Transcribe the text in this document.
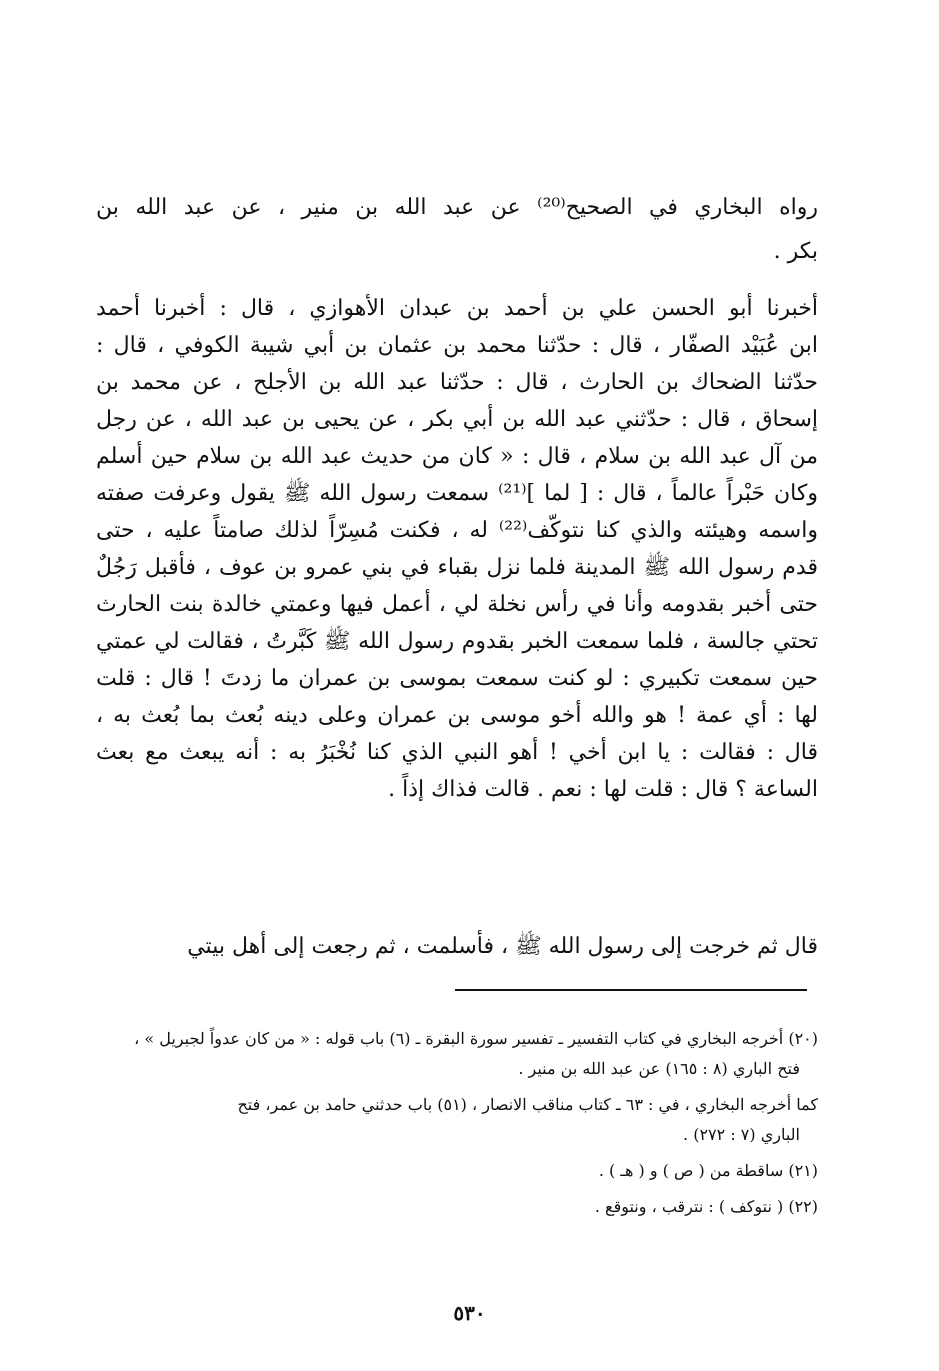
رواه البخاري في الصحيح⁽²⁰⁾ عن عبد الله بن منير ، عن عبد الله بن
بكر .
أخبرنا أبو الحسن علي بن أحمد بن عبدان الأهوازي ، قال : أخبرنا أحمد
ابن عُبَيْد الصفّار ، قال : حدّثنا محمد بن عثمان بن أبي شيبة الكوفي ، قال :
حدّثنا الضحاك بن الحارث ، قال : حدّثنا عبد الله بن الأجلح ، عن محمد بن
إسحاق ، قال : حدّثني عبد الله بن أبي بكر ، عن يحيى بن عبد الله ، عن رجل
من آل عبد الله بن سلام ، قال : « كان من حديث عبد الله بن سلام حين أسلم
وكان حَبْراً عالماً ، قال : [ لما ]⁽²¹⁾ سمعت رسول الله ﷺ يقول وعرفت صفته
واسمه وهيئته والذي كنا نتوكّف⁽²²⁾ له ، فكنت مُسِرّاً لذلك صامتاً عليه ، حتى
قدم رسول الله ﷺ المدينة فلما نزل بقباء في بني عمرو بن عوف ، فأقبل رَجُلٌ
حتى أخبر بقدومه وأنا في رأس نخلة لي ، أعمل فيها وعمتي خالدة بنت الحارث
تحتي جالسة ، فلما سمعت الخبر بقدوم رسول الله ﷺ كَبَّرتُ ، فقالت لي عمتي
حين سمعت تكبيري : لو كنت سمعت بموسى بن عمران ما زدتَ ! قال : قلت
لها : أي عمة ! هو والله أخو موسى بن عمران وعلى دينه بُعث بما بُعث به ،
قال : فقالت : يا ابن أخي ! أهو النبي الذي كنا نُخْبَرُ به : أنه يبعث مع بعث
الساعة ؟ قال : قلت لها : نعم . قالت فذاك إذاً .
قال ثم خرجت إلى رسول الله ﷺ ، فأسلمت ، ثم رجعت إلى أهل بيتي
(٢٠) أخرجه البخاري في كتاب التفسير ـ تفسير سورة البقرة ـ (٦) باب قوله : « من كان عدواً لجبريل » ،
فتح الباري (٨ : ١٦٥) عن عبد الله بن منير .
كما أخرجه البخاري ، في : ٦٣ ـ كتاب مناقب الانصار ، (٥١) باب حدثني حامد بن عمر، فتح
الباري (٧ : ٢٧٢) .
(٢١) ساقطة من ( ص ) و ( هـ ) .
(٢٢) ( نتوكف ) : نترقب ، ونتوقع .
٥٣٠
